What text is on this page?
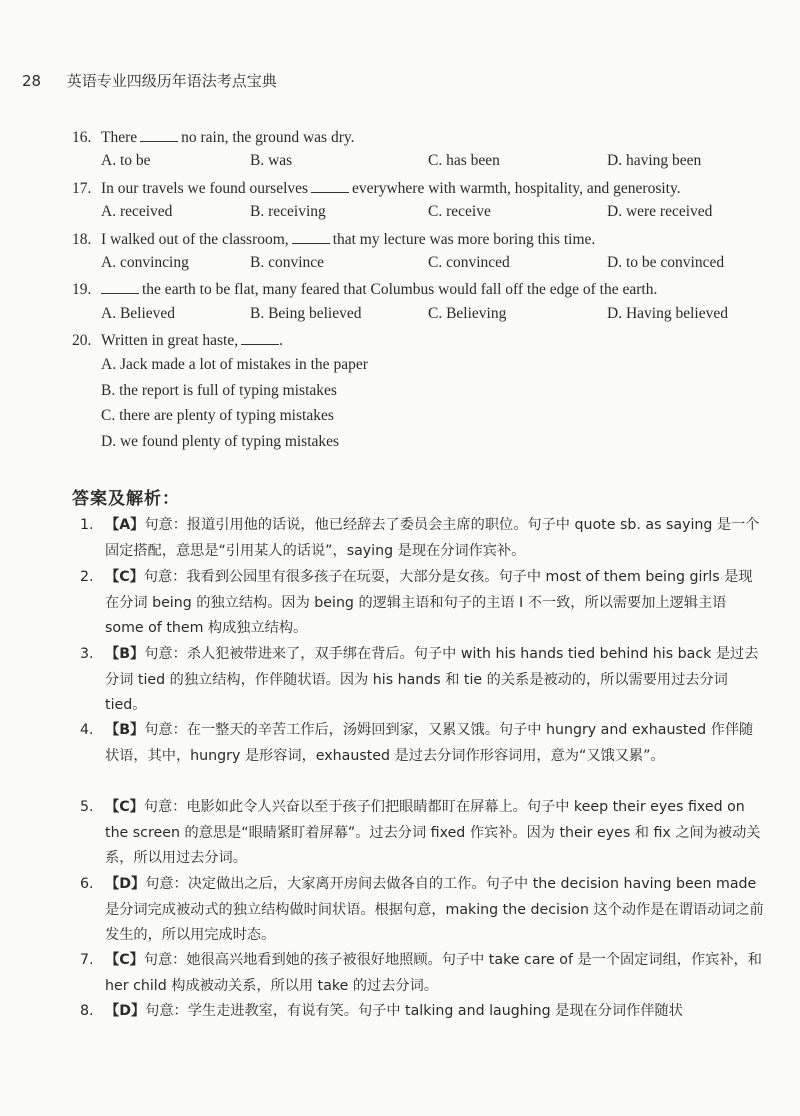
28 英语专业四级历年语法考点宝典
16. There	no rain, the ground was dry.
A. to be	B. was	C. has been	D. having been
17. In our travels we found ourselves	everywhere with warmth, hospitality, and generosity.
A. received	B. receiving	C. receive	D. were received
18. I walked out of the classroom,	that my lecture was more boring this time.
A. convincing	B. convince	C. convinced	D. to be convinced
19.	the earth to be flat, many feared that Columbus would fall off the edge of the earth.
A. Believed	B. Being believed	C. Believing	D. Having believed
20. Written in great haste,	.
A. Jack made a lot of mistakes in the paper
B. the report is full of typing mistakes
C. there are plenty of typing mistakes
D. we found plenty of typing mistakes
答案及解析：
1. 【A】句意：报道引用他的话说，他已经辞去了委员会主席的职位。句子中 quote sb. as saying 是一个固定搭配，意思是“引用某人的话说”，saying 是现在分词作宾补。
2. 【C】句意：我看到公园里有很多孩子在玩耍，大部分是女孩。句子中 most of them being girls 是现在分词 being 的独立结构。因为 being 的逻辑主语和句子的主语 I 不一致，所以需要加上逻辑主语 some of them 构成独立结构。
3. 【B】句意：杀人犯被带进来了，双手绑在背后。句子中 with his hands tied behind his back 是过去分词 tied 的独立结构，作伴随状语。因为 his hands 和 tie 的关系是被动的，所以需要用过去分词 tied。
4. 【B】句意：在一整天的辛苦工作后，汤姆回到家，又累又饿。句子中 hungry and exhausted 作伴随状语，其中，hungry 是形容词，exhausted 是过去分词作形容词用，意为“又饿又累”。
5. 【C】句意：电影如此令人兴奋以至于孩子们把眼睛都盯在屏幕上。句子中 keep their eyes fixed on the screen 的意思是“眼睛紧盯着屏幕”。过去分词 fixed 作宾补。因为 their eyes 和 fix 之间为被动关系，所以用过去分词。
6. 【D】句意：决定做出之后，大家离开房间去做各自的工作。句子中 the decision having been made 是分词完成被动式的独立结构做时间状语。根据句意，making the decision 这个动作是在谓语动词之前发生的，所以用完成时态。
7. 【C】句意：她很高兴地看到她的孩子被很好地照顾。句子中 take care of 是一个固定词组，作宾补，和 her child 构成被动关系，所以用 take 的过去分词。
8. 【D】句意：学生走进教室，有说有笑。句子中 talking and laughing 是现在分词作伴随状
